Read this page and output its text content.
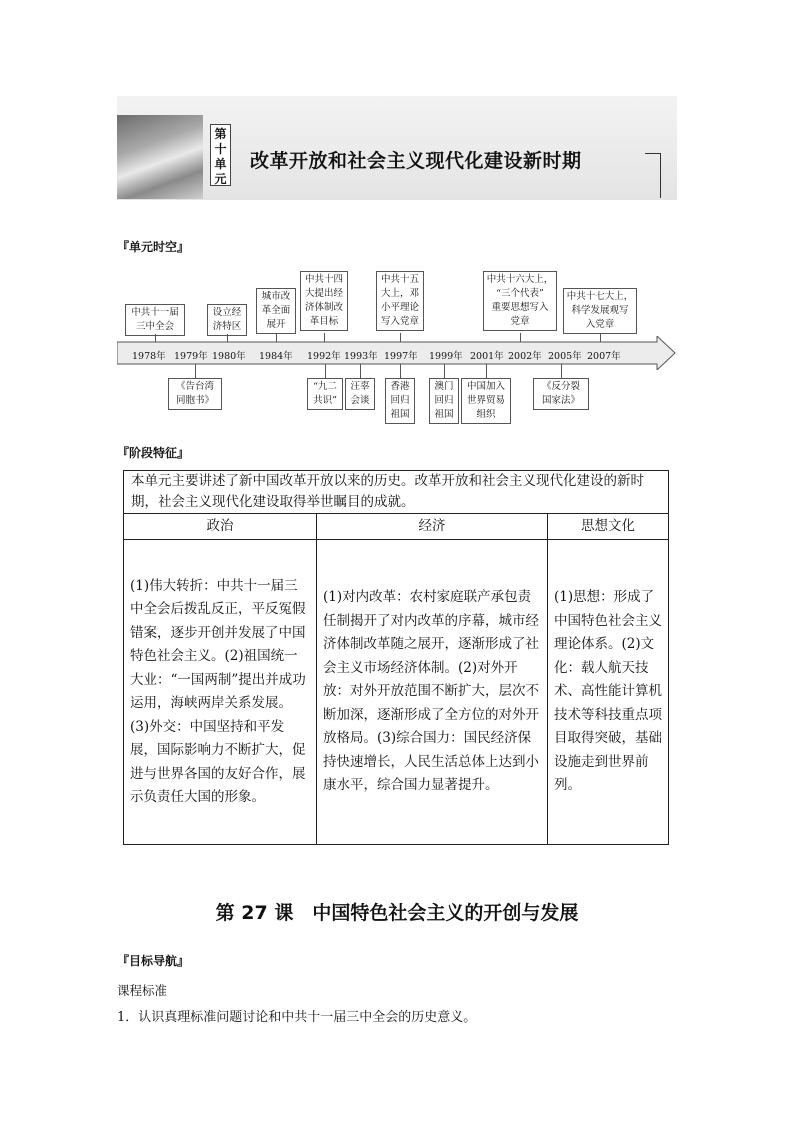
第
十
单
元
改革开放和社会主义现代化建设新时期
『单元时空』
1978年 1979年 1980年 1984年 1992年 1993年 1997年 1999年 2001年 2002年 2005年 2007年
中共十一届
三中全会
设立经
济特区
城市改
革全面
展开
中共十四
大提出经
济体制改
革目标
中共十五
大上，邓
小平理论
写入党章
中共十六大上，
“三个代表”
重要思想写入
党章
中共十七大上，
科学发展观写
入党章
《告台湾
同胞书》
“九二
共识”
汪辜
会谈
香港
回归
祖国
澳门
回归
祖国
中国加入
世界贸易
组织
《反分裂
国家法》
『阶段特征』
本单元主要讲述了新中国改革开放以来的历史。改革开放和社会主义现代化建设的新时期，社会主义现代化建设取得举世瞩目的成就。		
政治	经济	思想文化
(1)伟大转折：中共十一届三中全会后拨乱反正，平反冤假错案，逐步开创并发展了中国特色社会主义。(2)祖国统一大业：“一国两制”提出并成功运用，海峡两岸关系发展。(3)外交：中国坚持和平发展，国际影响力不断扩大，促进与世界各国的友好合作，展示负责任大国的形象。	(1)对内改革：农村家庭联产承包责任制揭开了对内改革的序幕，城市经济体制改革随之展开，逐渐形成了社会主义市场经济体制。(2)对外开放：对外开放范围不断扩大，层次不断加深，逐渐形成了全方位的对外开放格局。(3)综合国力：国民经济保持快速增长，人民生活总体上达到小康水平，综合国力显著提升。	(1)思想：形成了中国特色社会主义理论体系。(2)文化：载人航天技术、高性能计算机技术等科技重点项目取得突破，基础设施走到世界前列。
第 27 课　中国特色社会主义的开创与发展
『目标导航』
课程标准
1．认识真理标准问题讨论和中共十一届三中全会的历史意义。
